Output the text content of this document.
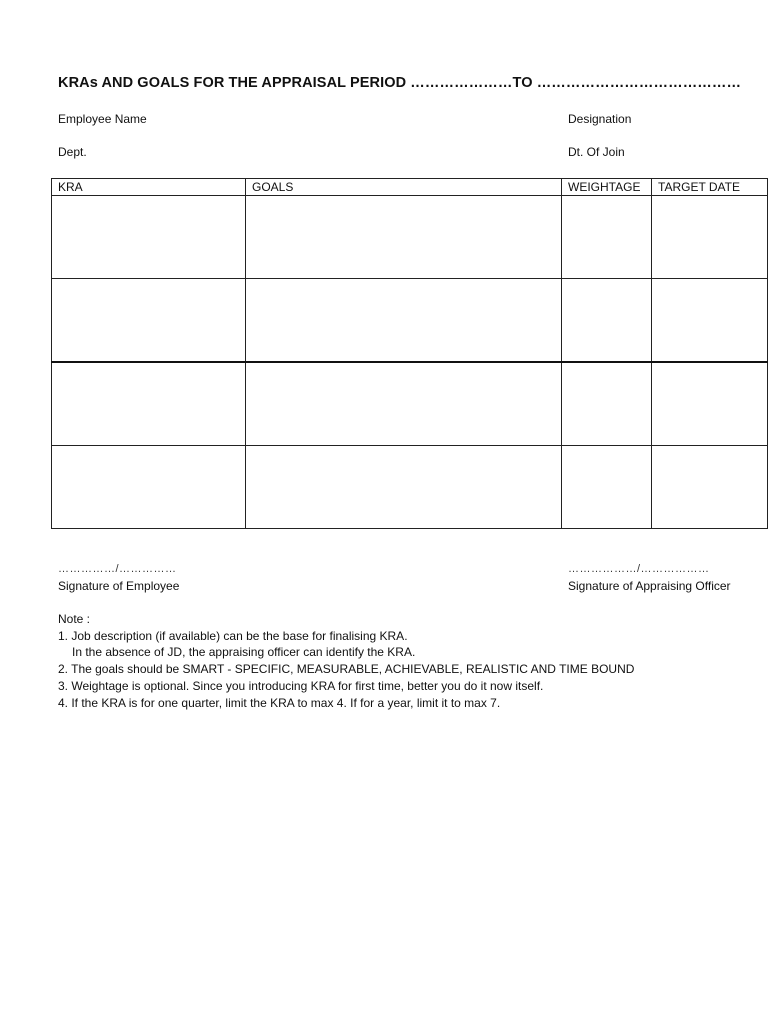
KRAs AND GOALS FOR THE APPRAISAL PERIOD …………………TO ……………………………………
Employee Name	Designation
Dept.	Dt. Of Join
KRA	GOALS	WEIGHTAGE	TARGET DATE

……………/……………
Signature of Employee
………………/………………
Signature of Appraising Officer
Note :
1. Job description (if available) can be the base for finalising KRA.
In the absence of JD, the appraising officer can identify the KRA.
2. The goals should be SMART - SPECIFIC, MEASURABLE, ACHIEVABLE, REALISTIC AND TIME BOUND
3. Weightage is optional. Since you introducing KRA for first time, better you do it now itself.
4. If the KRA is for one quarter, limit the KRA to max 4. If for a year, limit it to max 7.
